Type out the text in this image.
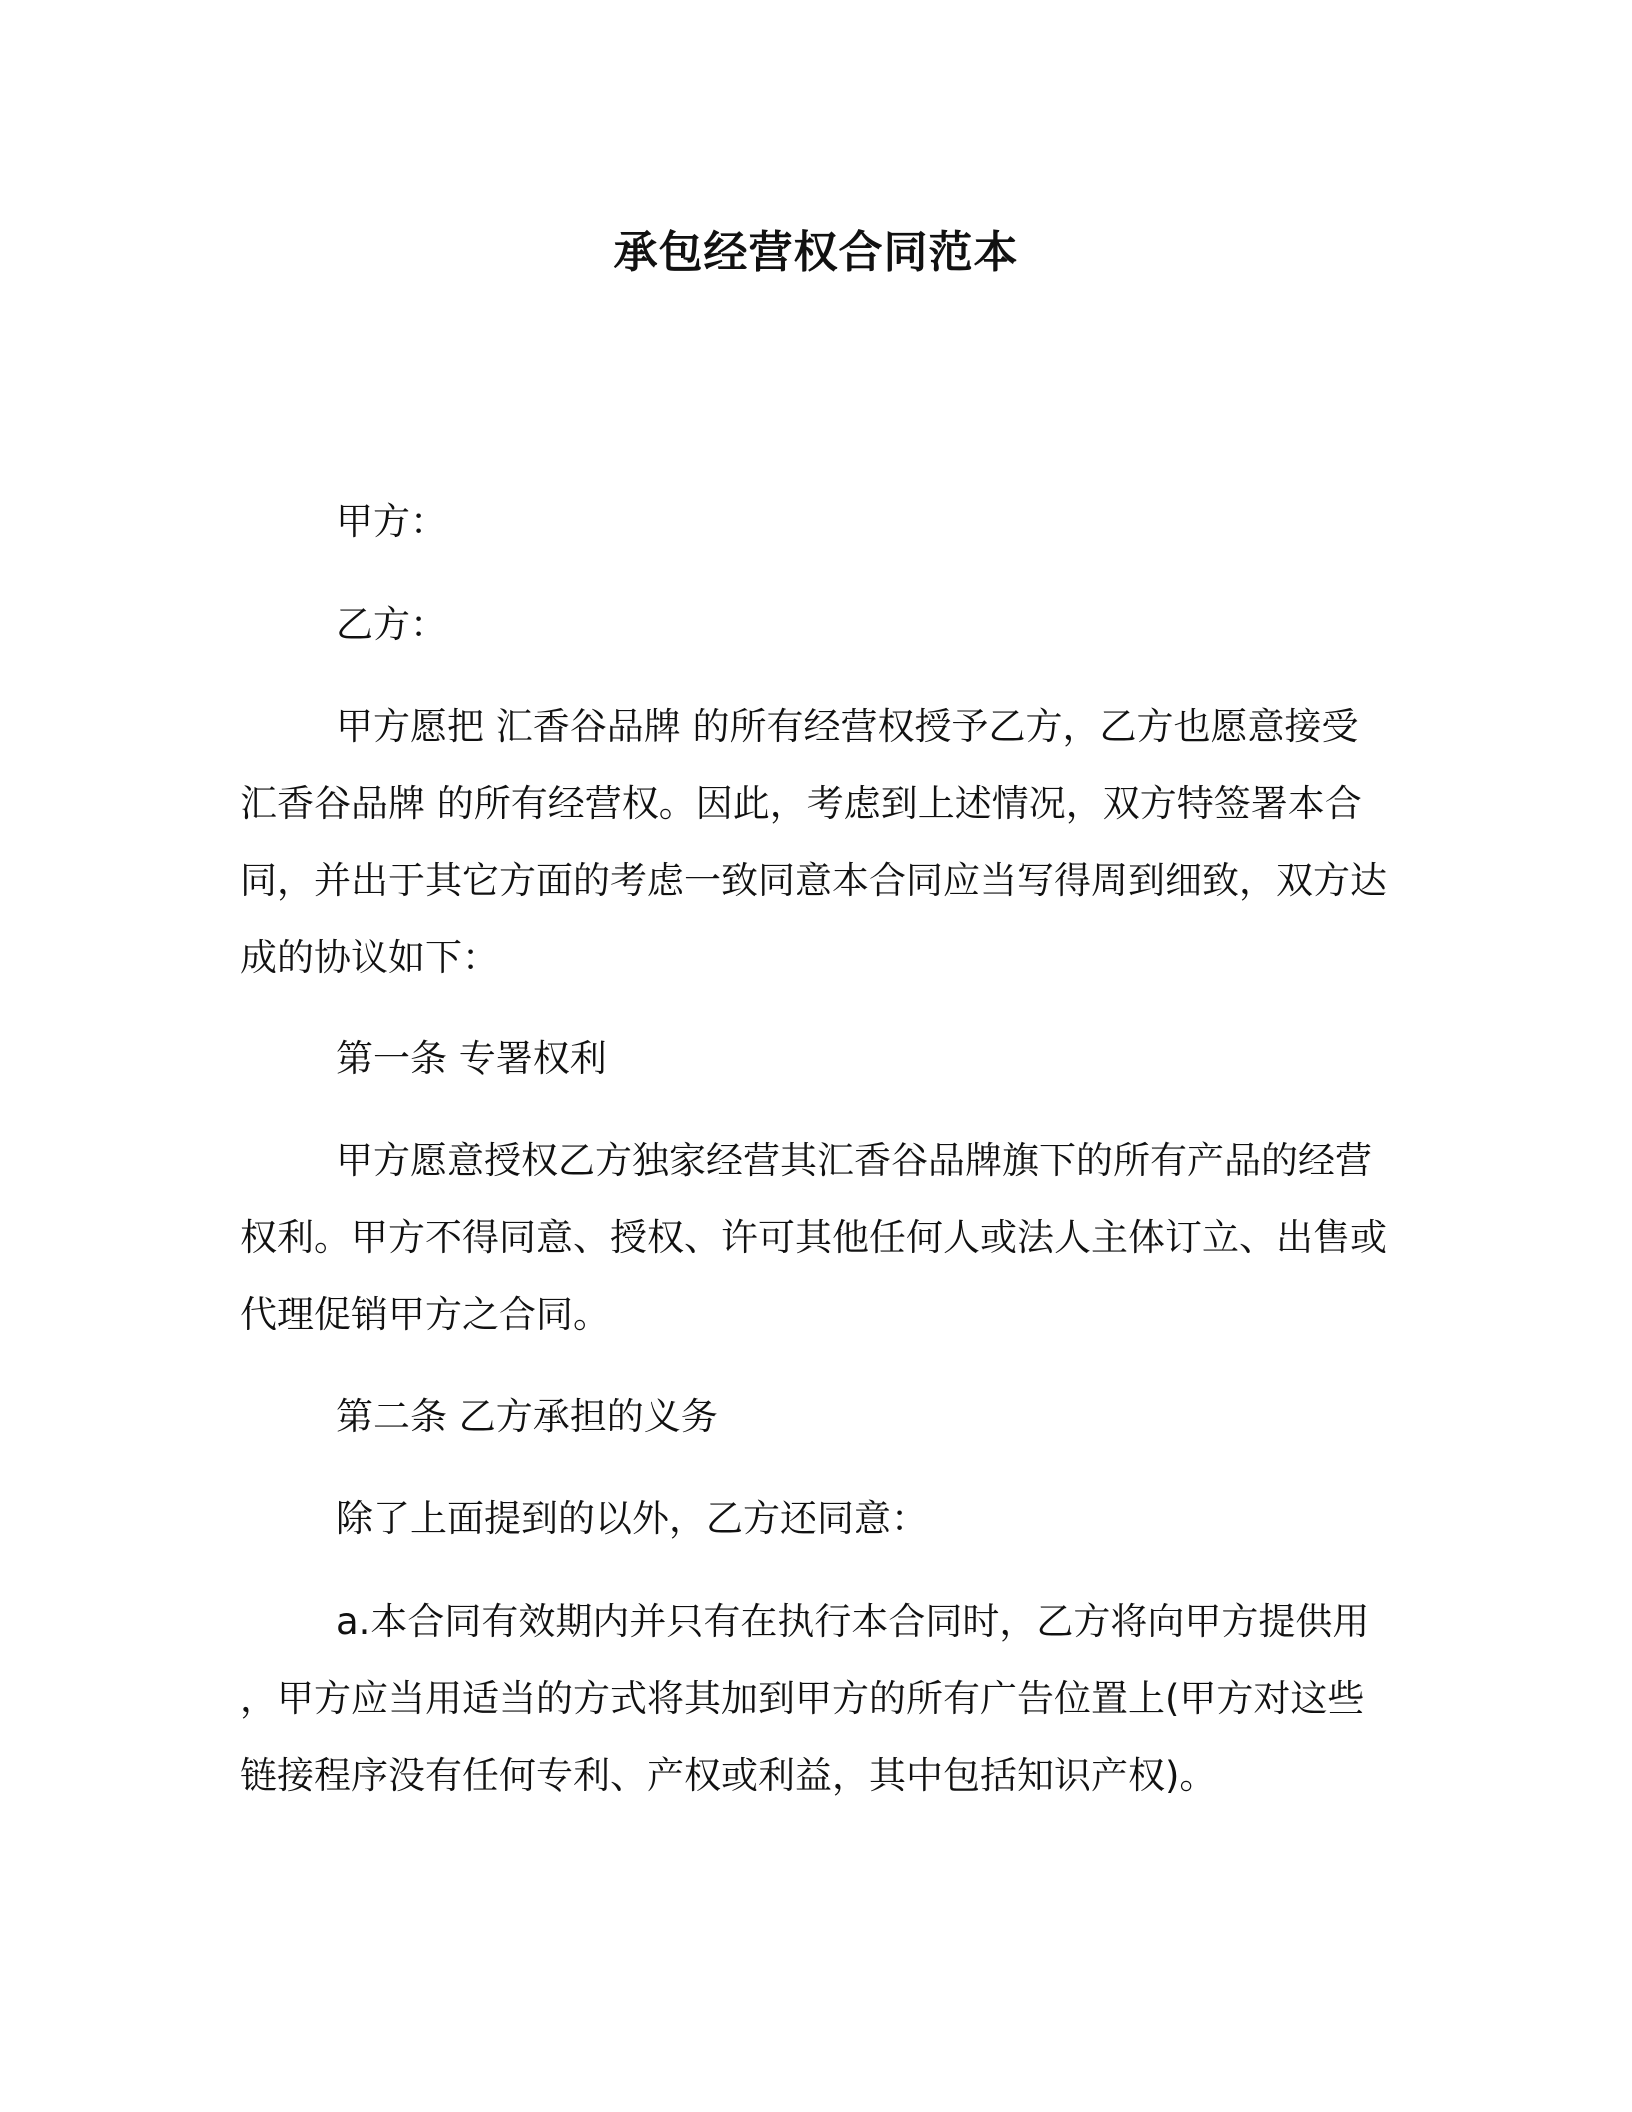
承包经营权合同范本

甲方：

乙方：

甲方愿把 汇香谷品牌 的所有经营权授予乙方，乙方也愿意接受 汇香谷品牌 的所有经营权。因此，考虑到上述情况，双方特签署本合同，并出于其它方面的考虑一致同意本合同应当写得周到细致，双方达成的协议如下：

第一条 专署权利

甲方愿意授权乙方独家经营其汇香谷品牌旗下的所有产品的经营权利。甲方不得同意、授权、许可其他任何人或法人主体订立、出售或代理促销甲方之合同。

第二条 乙方承担的义务

除了上面提到的以外，乙方还同意：

a.本合同有效期内并只有在执行本合同时，乙方将向甲方提供用 ，甲方应当用适当的方式将其加到甲方的所有广告位置上(甲方对这些链接程序没有任何专利、产权或利益，其中包括知识产权)。
